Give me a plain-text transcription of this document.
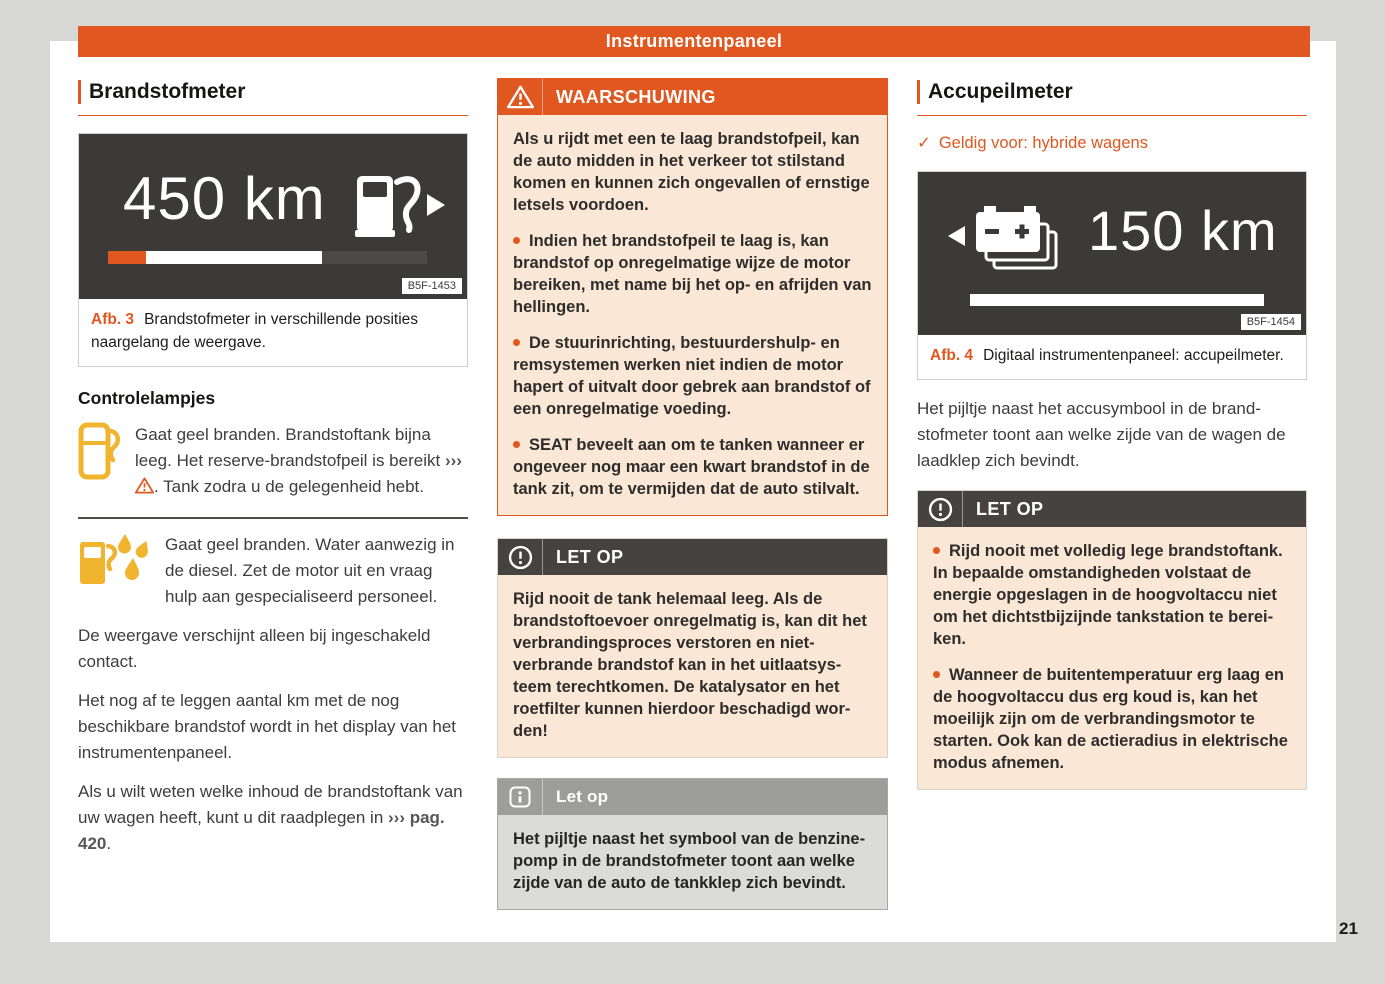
Instrumentenpaneel
Brandstofmeter
450 km
B5F-1453
Afb. 3 Brandstofmeter in verschillende posities naargelang de weergave.
Controlelampjes
Gaat geel branden. Brandstoftank bijna leeg. Het reserve-brandstofpeil is bereikt ››› . Tank zodra u de gelegenheid hebt.
Gaat geel branden. Water aanwezig in de diesel. Zet de motor uit en vraag hulp aan gespecialiseerd personeel.

De weergave verschijnt alleen bij ingeschakeld contact.

Het nog af te leggen aantal km met de nog beschikbare brandstof wordt in het display van het instrumentenpaneel.

Als u wilt weten welke inhoud de brandstoftank van uw wagen heeft, kunt u dit raadplegen in ››› pag. 420.

WAARSCHUWING

Als u rijdt met een te laag brandstofpeil, kan de auto midden in het verkeer tot stilstand komen en kunnen zich ongevallen of ernstige letsels voordoen.

Indien het brandstofpeil te laag is, kan brandstof op onregelmatige wijze de motor bereiken, met name bij het op- en afrijden van hellingen.

De stuurinrichting, bestuurdershulp- en remsystemen werken niet indien de motor hapert of uitvalt door gebrek aan brandstof of een onregelmatige voeding.

SEAT beveelt aan om te tanken wanneer er ongeveer nog maar een kwart brandstof in de tank zit, om te vermijden dat de auto stilvalt.

LET OP

Rijd nooit de tank helemaal leeg. Als de brandstoftoevoer onregelmatig is, kan dit het verbrandingsproces verstoren en niet-verbrande brandstof kan in het uitlaatsysteem terechtkomen. De katalysator en het roetfilter kunnen hierdoor beschadigd worden!

Let op

Het pijltje naast het symbool van de benzinepomp in de brandstofmeter toont aan welke zijde van de auto de tankklep zich bevindt.

Accupeilmeter

✓ Geldig voor: hybride wagens

150 km
B5F-1454
Afb. 4 Digitaal instrumentenpaneel: accupeilmeter.

Het pijltje naast het accusymbool in de brandstofmeter toont aan welke zijde van de wagen de laadklep zich bevindt.

LET OP

Rijd nooit met volledig lege brandstoftank. In bepaalde omstandigheden volstaat de energie opgeslagen in de hoogvoltaccu niet om het dichtstbijzijnde tankstation te bereiken.

Wanneer de buitentemperatuur erg laag en de hoogvoltaccu dus erg koud is, kan het moeilijk zijn om de verbrandingsmotor te starten. Ook kan de actieradius in elektrische modus afnemen.

21
